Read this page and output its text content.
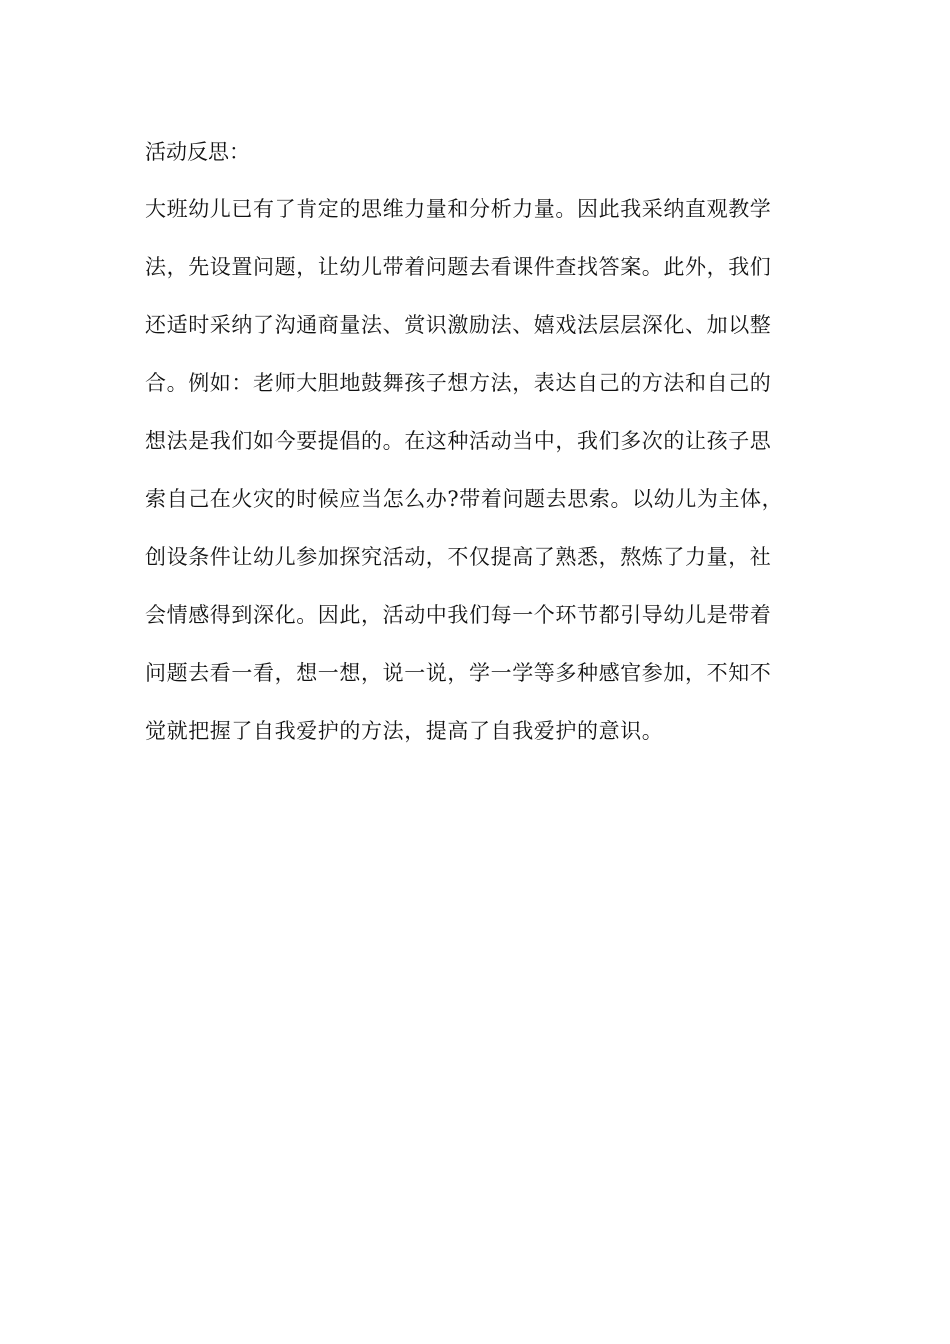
活动反思：
大班幼儿已有了肯定的思维力量和分析力量。因此我采纳直观教学
法，先设置问题，让幼儿带着问题去看课件查找答案。此外，我们
还适时采纳了沟通商量法、赏识激励法、嬉戏法层层深化、加以整
合。例如：老师大胆地鼓舞孩子想方法，表达自己的方法和自己的
想法是我们如今要提倡的。在这种活动当中，我们多次的让孩子思
索自己在火灾的时候应当怎么办?带着问题去思索。以幼儿为主体，
创设条件让幼儿参加探究活动，不仅提高了熟悉，熬炼了力量，社
会情感得到深化。因此，活动中我们每一个环节都引导幼儿是带着
问题去看一看，想一想，说一说，学一学等多种感官参加，不知不
觉就把握了自我爱护的方法，提高了自我爱护的意识。
